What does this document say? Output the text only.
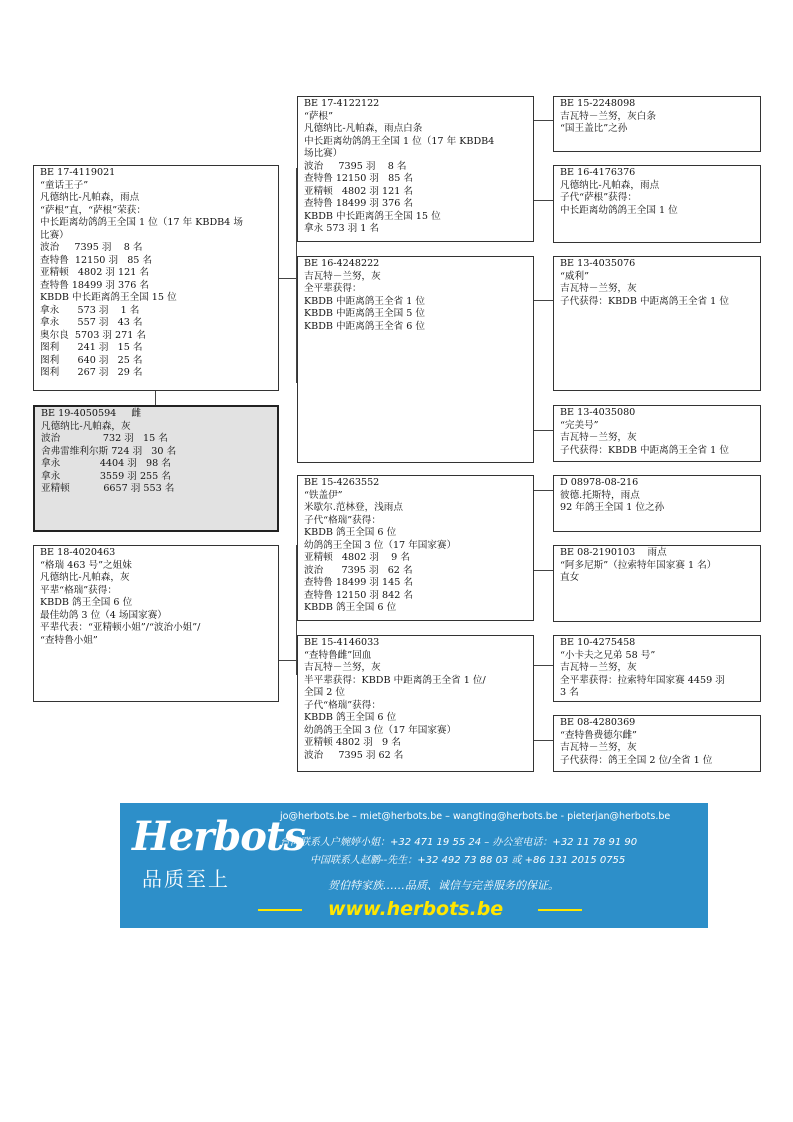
BE 17-4119021
“童话王子”
凡德纳比-凡帕森，雨点
“萨根”直，“萨根”荣获：
中长距离幼鸽鸽王全国 1 位（17 年 KBDB4 场
比赛）
波治     7395 羽    8 名
查特鲁  12150 羽   85 名
亚精顿   4802 羽 121 名
查特鲁 18499 羽 376 名
KBDB 中长距离鸽王全国 15 位
拿永      573 羽    1 名
拿永      557 羽   43 名
奥尔良  5703 羽 271 名
图利      241 羽   15 名
图利      640 羽   25 名
图利      267 羽   29 名
BE 19-4050594     雌
凡德纳比-凡帕森，灰
波治              732 羽   15 名
舍弗雷维利尔斯 724 羽   30 名
拿永             4404 羽   98 名
拿永             3559 羽 255 名
亚精顿           6657 羽 553 名
BE 18-4020463
“格瑞 463 号”之姐妹
凡德纳比-凡帕森，灰
平辈“格瑞”获得：
KBDB 鸽王全国 6 位
最佳幼鸽 3 位（4 场国家赛）
平辈代表：“亚精顿小姐”/“波治小姐”/
“查特鲁小姐”
BE 17-4122122
“萨根”
凡德纳比-凡帕森，雨点白条
中长距离幼鸽鸽王全国 1 位（17 年 KBDB4
场比赛）
波治     7395 羽    8 名
查特鲁 12150 羽   85 名
亚精顿   4802 羽 121 名
查特鲁 18499 羽 376 名
KBDB 中长距离鸽王全国 15 位
拿永 573 羽 1 名
BE 16-4248222
吉瓦特－兰努，灰
全平辈获得：
KBDB 中距离鸽王全省 1 位
KBDB 中距离鸽王全国 5 位
KBDB 中距离鸽王全省 6 位
BE 15-4263552
“铁盖伊”
米歇尔.范林登，浅雨点
子代“格瑞”获得：
KBDB 鸽王全国 6 位
幼鸽鸽王全国 3 位（17 年国家赛）
亚精顿   4802 羽    9 名
波治      7395 羽   62 名
查特鲁 18499 羽 145 名
查特鲁 12150 羽 842 名
KBDB 鸽王全国 6 位
BE 15-4146033
“查特鲁雌”回血
吉瓦特－兰努，灰
半平辈获得：KBDB 中距离鸽王全省 1 位/
全国 2 位
子代“格瑞”获得：
KBDB 鸽王全国 6 位
幼鸽鸽王全国 3 位（17 年国家赛）
亚精顿 4802 羽   9 名
波治     7395 羽 62 名
BE 15-2248098
吉瓦特－兰努，灰白条
“国王盖比”之孙
BE 16-4176376
凡德纳比-凡帕森，雨点
子代“萨根”获得：
中长距离幼鸽鸽王全国 1 位
BE 13-4035076
“威利”
吉瓦特－兰努，灰
子代获得：KBDB 中距离鸽王全省 1 位
BE 13-4035080
“完美号”
吉瓦特－兰努，灰
子代获得：KBDB 中距离鸽王全省 1 位
D 08978-08-216
彼德.托斯特，雨点
92 年鸽王全国 1 位之孙
BE 08-2190103    雨点
“阿多尼斯”（拉索特年国家赛 1 名）
直女
BE 10-4275458
“小卡夫之兄弟 58 号”
吉瓦特－兰努，灰
全平辈获得：拉索特年国家赛 4459 羽
3 名
BE 08-4280369
“查特鲁费德尔雌”
吉瓦特－兰努，灰
子代获得：鸽王全国 2 位/全省 1 位
Herbots
品质至上
jo@herbots.be – miet@herbots.be – wangting@herbots.be - pieterjan@herbots.be
台湾联系人户婉婷小姐：+32 471 19 55 24 – 办公室电话：+32 11 78 91 90
中国联系人赵鹏--先生：+32 492 73 88 03 或 +86 131 2015 0755
贺伯特家族……品质、诚信与完善服务的保证。
www.herbots.be
